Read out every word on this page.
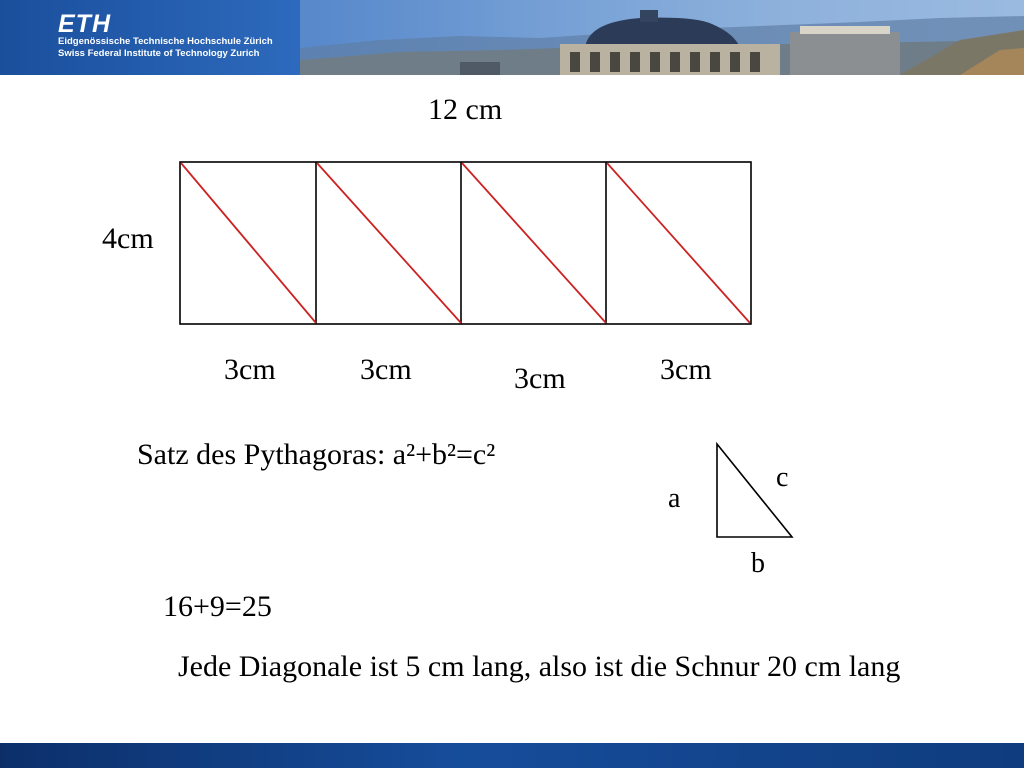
ETH
Eidgenössische Technische Hochschule Zürich
Swiss Federal Institute of Technology Zurich
12 cm
4cm
3cm	3cm	3cm	3cm
Satz des Pythagoras: a²+b²=c²
a
c
b
16+9=25
Jede Diagonale ist 5 cm lang, also ist die Schnur 20 cm lang
